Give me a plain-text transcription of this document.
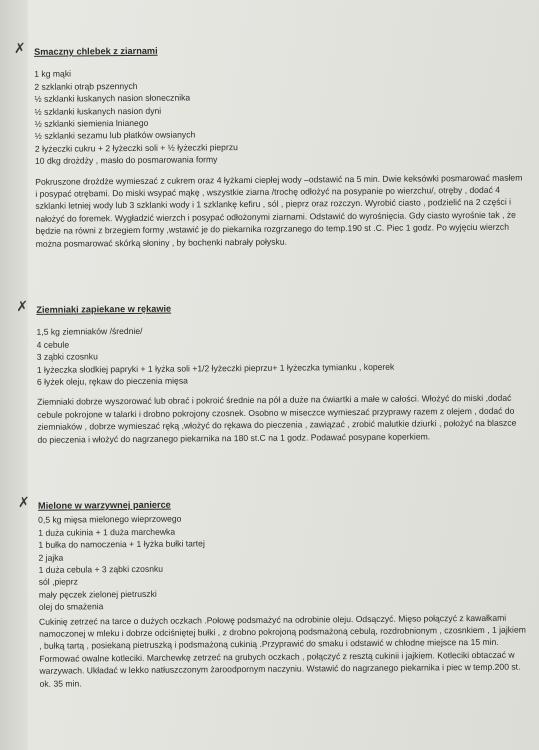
✗ Smaczny chlebek z ziarnami
1 kg mąki
2 szklanki otrąb pszennych
½ szklanki łuskanych nasion słonecznika
½ szklanki łuskanych nasion dyni
½ szklanki siemienia lnianego
½ szklanki sezamu lub płatków owsianych
2 łyżeczki cukru + 2 łyżeczki soli + ½ łyżeczki pieprzu
10 dkg drożdży , masło do posmarowania formy
Pokruszone drożdże wymieszać z cukrem oraz 4 łyżkami ciepłej wody –odstawić na 5 min. Dwie keksówki posmarować masłem i posypać otrębami. Do miski wsypać mąkę , wszystkie ziarna /trochę odłożyć na posypanie po wierzchu/, otręby , dodać 4 szklanki letniej wody lub 3 szklanki wody i 1 szklankę kefiru , sól , pieprz oraz rozczyn. Wyrobić ciasto , podzielić na 2 części i nałożyć do foremek. Wygładzić wierzch i posypać odłożonymi ziarnami. Odstawić do wyrośnięcia. Gdy ciasto wyrośnie tak , że będzie na równi z brzegiem formy ,wstawić je do piekarnika rozgrzanego do temp.190 st .C. Piec 1 godz. Po wyjęciu wierzch można posmarować skórką słoniny , by bochenki nabrały połysku.
✗ Ziemniaki zapiekane w rękawie
1,5 kg ziemniaków /średnie/
4 cebule
3 ząbki czosnku
1 łyżeczka słodkiej papryki + 1 łyżka soli +1/2 łyżeczki pieprzu+ 1 łyżeczka tymianku , koperek
6 łyżek oleju, rękaw do pieczenia mięsa
Ziemniaki dobrze wyszorować lub obrać i pokroić średnie na pół a duże na ćwiartki a małe w całości. Włożyć do miski ,dodać cebule pokrojone w talarki i drobno pokrojony czosnek. Osobno w miseczce wymieszać przyprawy razem z olejem , dodać do ziemniaków , dobrze wymieszać ręką ,włożyć do rękawa do pieczenia , zawiązać , zrobić malutkie dziurki , położyć na blaszce do pieczenia i włożyć do nagrzanego piekarnika na 180 st.C na 1 godz. Podawać posypane koperkiem.
✗ Mielone w warzywnej panierce
0,5 kg mięsa mielonego wieprzowego
1 duża cukinia + 1 duża marchewka
1 bułka do namoczenia + 1 łyżka bułki tartej
2 jajka
1 duża cebula + 3 ząbki czosnku
sól ,pieprz
mały pęczek zielonej pietruszki
olej do smażenia
Cukinię zetrzeć na tarce o dużych oczkach .Połowę podsmażyć na odrobinie oleju. Odsączyć. Mięso połączyć z kawałkami namoczonej w mleku i dobrze odciśniętej bułki , z drobno pokrojoną podsmażoną cebulą, rozdrobnionym , czosnkiem , 1 jajkiem , bułką tartą , posiekaną pietruszką i podsmażoną cukinią .Przyprawić do smaku i odstawić w chłodne miejsce na 15 min. Formować owalne kotleciki. Marchewkę zetrzeć na grubych oczkach , połączyć z resztą cukinii i jajkiem. Kotleciki obtaczać w warzywach. Układać w lekko natłuszczonym żaroodpornym naczyniu. Wstawić do nagrzanego piekarnika i piec w temp.200 st. ok. 35 min.
